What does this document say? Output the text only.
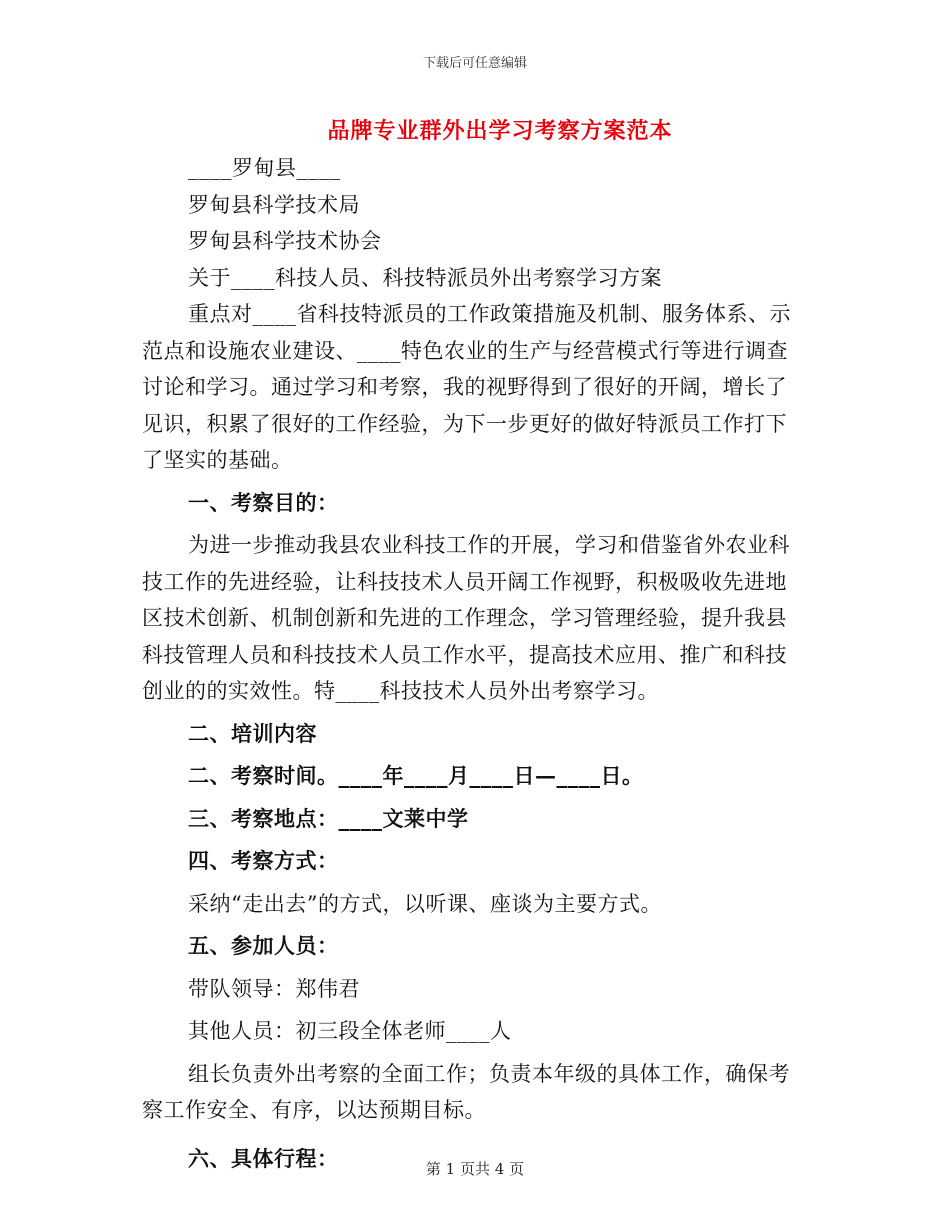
下载后可任意编辑
品牌专业群外出学习考察方案范本
____罗甸县____
罗甸县科学技术局
罗甸县科学技术协会
关于____科技人员、科技特派员外出考察学习方案
重点对____省科技特派员的工作政策措施及机制、服务体系、示
范点和设施农业建设、____特色农业的生产与经营模式行等进行调查
讨论和学习。通过学习和考察，我的视野得到了很好的开阔，增长了
见识，积累了很好的工作经验，为下一步更好的做好特派员工作打下
了坚实的基础。
一、考察目的：
为进一步推动我县农业科技工作的开展，学习和借鉴省外农业科
技工作的先进经验，让科技技术人员开阔工作视野，积极吸收先进地
区技术创新、机制创新和先进的工作理念，学习管理经验，提升我县
科技管理人员和科技技术人员工作水平，提高技术应用、推广和科技
创业的的实效性。特____科技技术人员外出考察学习。
二、培训内容
二、考察时间。____年____月____日—____日。
三、考察地点：____文莱中学
四、考察方式：
采纳“走出去”的方式，以听课、座谈为主要方式。
五、参加人员：
带队领导：郑伟君
其他人员：初三段全体老师____人
组长负责外出考察的全面工作；负责本年级的具体工作，确保考
察工作安全、有序，以达预期目标。
六、具体行程：	第 1 页共 4 页
